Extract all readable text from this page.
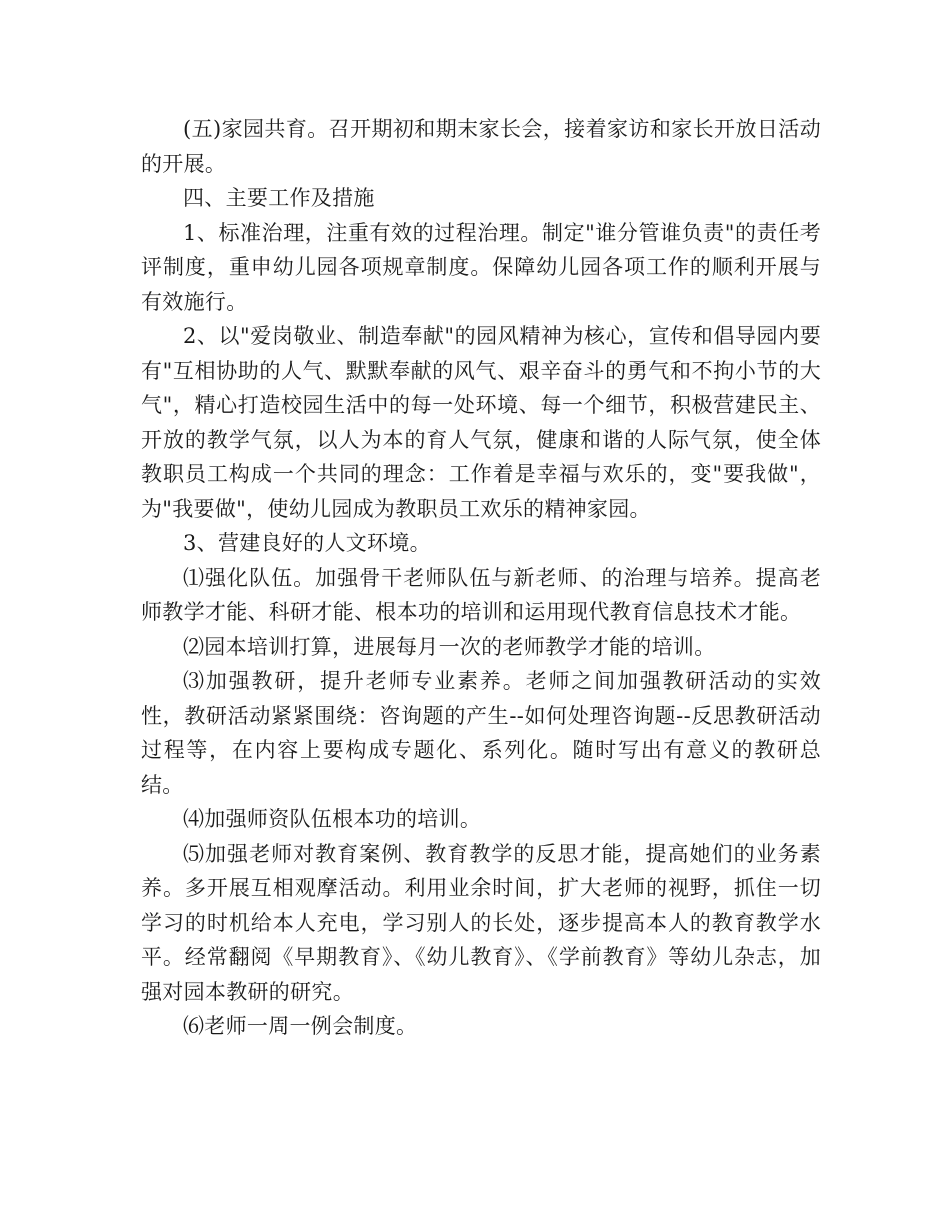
(五)家园共育。召开期初和期末家长会，接着家访和家长开放日活动的开展。

四、主要工作及措施

1、标准治理，注重有效的过程治理。制定"谁分管谁负责"的责任考评制度，重申幼儿园各项规章制度。保障幼儿园各项工作的顺利开展与有效施行。

2、以"爱岗敬业、制造奉献"的园风精神为核心，宣传和倡导园内要有"互相协助的人气、默默奉献的风气、艰辛奋斗的勇气和不拘小节的大气"，精心打造校园生活中的每一处环境、每一个细节，积极营建民主、开放的教学气氛，以人为本的育人气氛，健康和谐的人际气氛，使全体教职员工构成一个共同的理念：工作着是幸福与欢乐的，变"要我做"，为"我要做"，使幼儿园成为教职员工欢乐的精神家园。

3、营建良好的人文环境。

⑴强化队伍。加强骨干老师队伍与新老师、的治理与培养。提高老师教学才能、科研才能、根本功的培训和运用现代教育信息技术才能。

⑵园本培训打算，进展每月一次的老师教学才能的培训。

⑶加强教研，提升老师专业素养。老师之间加强教研活动的实效性，教研活动紧紧围绕：咨询题的产生--如何处理咨询题--反思教研活动过程等，在内容上要构成专题化、系列化。随时写出有意义的教研总结。

⑷加强师资队伍根本功的培训。

⑸加强老师对教育案例、教育教学的反思才能，提高她们的业务素养。多开展互相观摩活动。利用业余时间，扩大老师的视野，抓住一切学习的时机给本人充电，学习别人的长处，逐步提高本人的教育教学水平。经常翻阅《早期教育》、《幼儿教育》、《学前教育》等幼儿杂志，加强对园本教研的研究。

⑹老师一周一例会制度。
